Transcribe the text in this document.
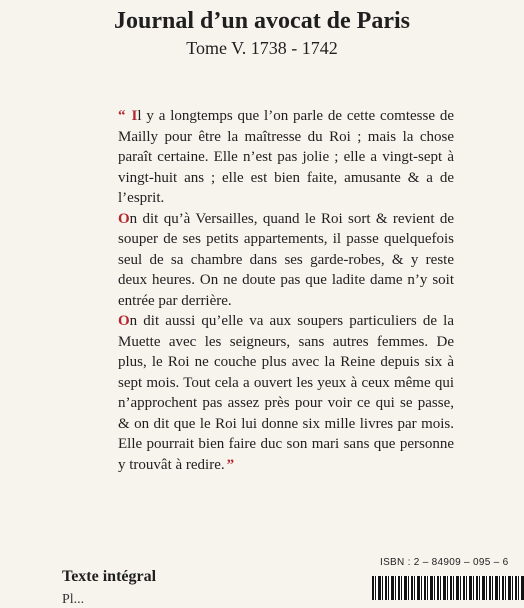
Journal d’un avocat de Paris
Tome V. 1738 - 1742

“ Il y a longtemps que l’on parle de cette comtesse de Mailly pour être la maîtresse du Roi ; mais la chose paraît certaine. Elle n’est pas jolie ; elle a vingt-sept à vingt-huit ans ; elle est bien faite, amusante & a de l’esprit.

On dit qu’à Versailles, quand le Roi sort & revient de souper de ses petits appartements, il passe quelquefois seul de sa chambre dans ses garde-robes, & y reste deux heures. On ne doute pas que ladite dame n’y soit entrée par derrière.

On dit aussi qu’elle va aux soupers particuliers de la Muette avec les seigneurs, sans autres femmes. De plus, le Roi ne couche plus avec la Reine depuis six à sept mois. Tout cela a ouvert les yeux à ceux même qui n’approchent pas assez près pour voir ce qui se passe, & on dit que le Roi lui donne six mille livres par mois. Elle pourrait bien faire duc son mari sans que personne y trouvât à redire. ”

ISBN : 2 – 84909 – 095 – 6
Texte intégral
Pl...
